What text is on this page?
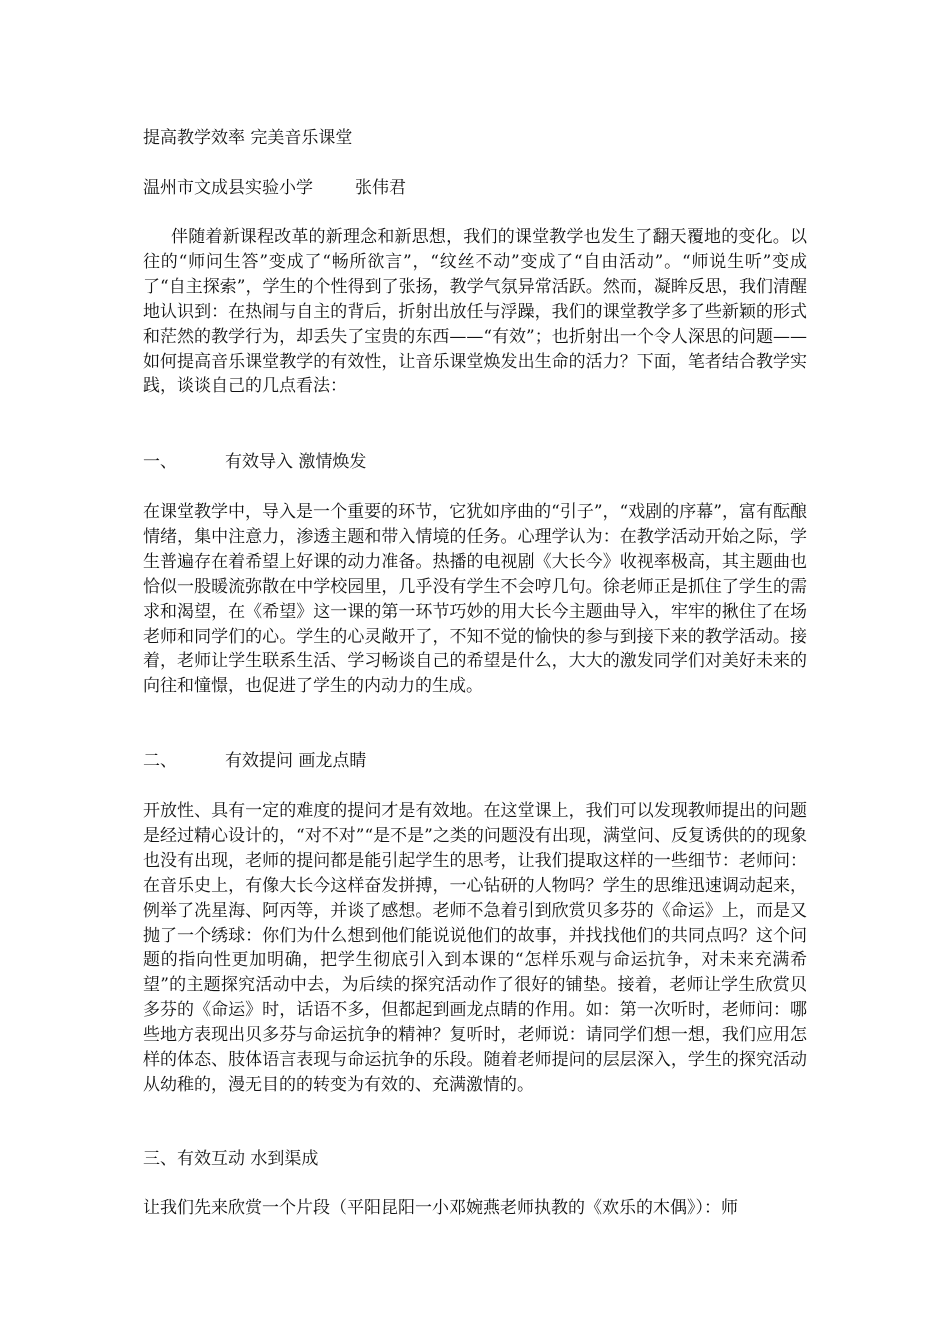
提高教学效率 完美音乐课堂
温州市文成县实验小学 张伟君

伴随着新课程改革的新理念和新思想，我们的课堂教学也发生了翻天覆地的变化。以往的“师问生答”变成了“畅所欲言”，“纹丝不动”变成了“自由活动”。“师说生听”变成了“自主探索”，学生的个性得到了张扬，教学气氛异常活跃。然而，凝眸反思，我们清醒地认识到：在热闹与自主的背后，折射出放任与浮躁，我们的课堂教学多了些新颖的形式和茫然的教学行为，却丢失了宝贵的东西——“有效”；也折射出一个令人深思的问题——如何提高音乐课堂教学的有效性，让音乐课堂焕发出生命的活力？下面，笔者结合教学实践，谈谈自己的几点看法：

一、	有效导入 激情焕发

在课堂教学中，导入是一个重要的环节，它犹如序曲的“引子”，“戏剧的序幕”，富有酝酿情绪，集中注意力，渗透主题和带入情境的任务。心理学认为：在教学活动开始之际，学生普遍存在着希望上好课的动力准备。热播的电视剧《大长今》收视率极高，其主题曲也恰似一股暖流弥散在中学校园里，几乎没有学生不会哼几句。徐老师正是抓住了学生的需求和渴望，在《希望》这一课的第一环节巧妙的用大长今主题曲导入，牢牢的揪住了在场老师和同学们的心。学生的心灵敞开了，不知不觉的愉快的参与到接下来的教学活动。接着，老师让学生联系生活、学习畅谈自己的希望是什么，大大的激发同学们对美好未来的向往和憧憬，也促进了学生的内动力的生成。

二、	有效提问 画龙点睛

开放性、具有一定的难度的提问才是有效地。在这堂课上，我们可以发现教师提出的问题是经过精心设计的，“对不对”“是不是”之类的问题没有出现，满堂问、反复诱供的的现象也没有出现，老师的提问都是能引起学生的思考，让我们提取这样的一些细节：老师问：在音乐史上，有像大长今这样奋发拼搏，一心钻研的人物吗？学生的思维迅速调动起来，例举了冼星海、阿丙等，并谈了感想。老师不急着引到欣赏贝多芬的《命运》上，而是又抛了一个绣球：你们为什么想到他们能说说他们的故事，并找找他们的共同点吗？这个问题的指向性更加明确，把学生彻底引入到本课的“怎样乐观与命运抗争，对未来充满希望”的主题探究活动中去，为后续的探究活动作了很好的铺垫。接着，老师让学生欣赏贝多芬的《命运》时，话语不多，但都起到画龙点睛的作用。如：第一次听时，老师问：哪些地方表现出贝多芬与命运抗争的精神？复听时，老师说：请同学们想一想，我们应用怎样的体态、肢体语言表现与命运抗争的乐段。随着老师提问的层层深入，学生的探究活动从幼稚的，漫无目的的转变为有效的、充满激情的。

三、有效互动 水到渠成

让我们先来欣赏一个片段（平阳昆阳一小邓婉燕老师执教的《欢乐的木偶》）：师
